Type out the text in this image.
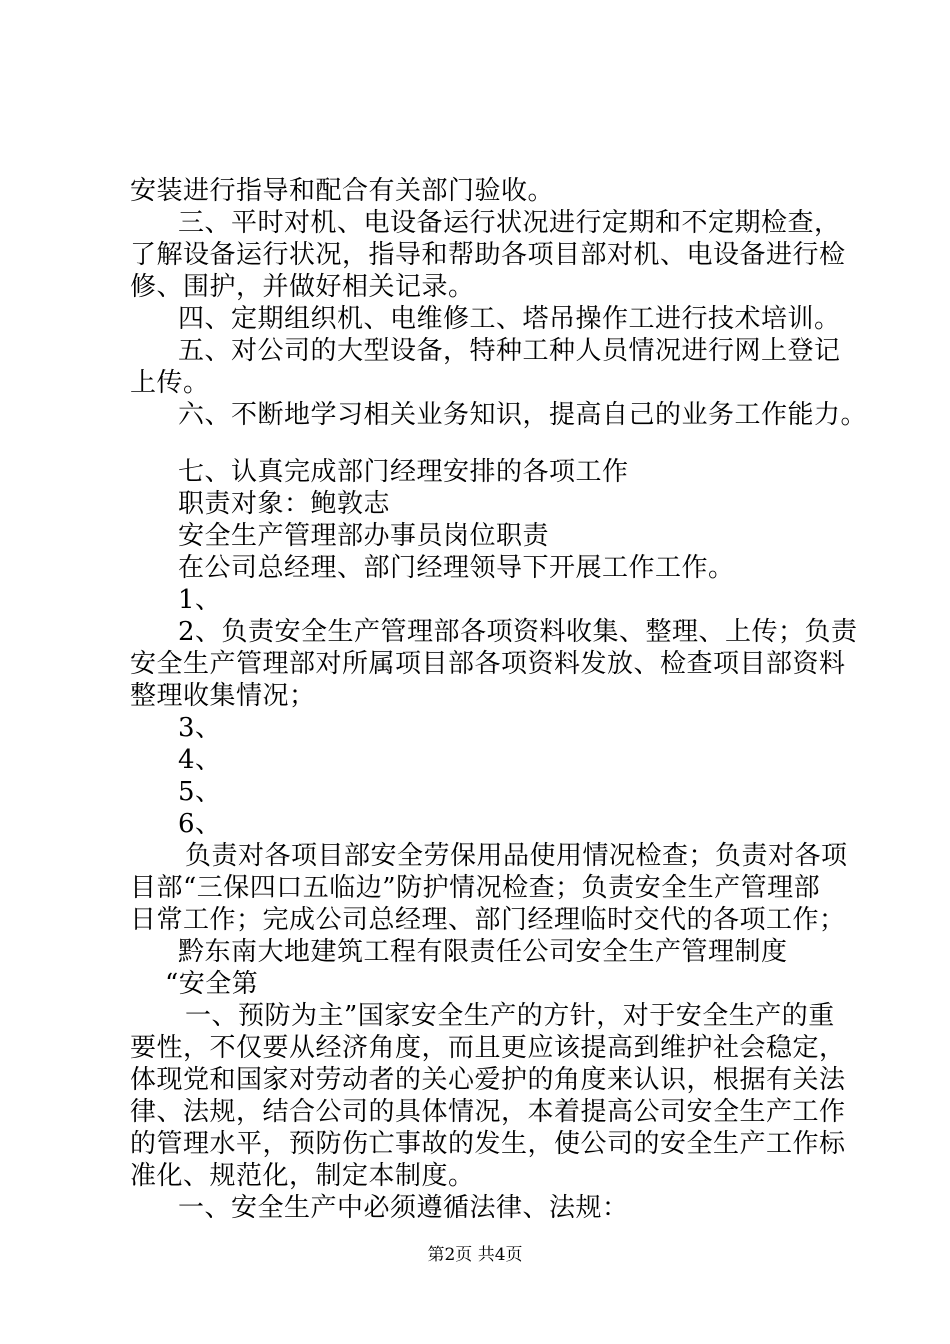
安装进行指导和配合有关部门验收。
三、平时对机、电设备运行状况进行定期和不定期检查，
了解设备运行状况，指导和帮助各项目部对机、电设备进行检
修、围护，并做好相关记录。
四、定期组织机、电维修工、塔吊操作工进行技术培训。
五、对公司的大型设备，特种工种人员情况进行网上登记
上传。
六、不断地学习相关业务知识，提高自己的业务工作能力。
七、认真完成部门经理安排的各项工作
职责对象：鲍敦志
安全生产管理部办事员岗位职责
在公司总经理、部门经理领导下开展工作工作。
1、
2、负责安全生产管理部各项资料收集、整理、上传；负责
安全生产管理部对所属项目部各项资料发放、检查项目部资料
整理收集情况；
3、
4、
5、
6、
负责对各项目部安全劳保用品使用情况检查；负责对各项
目部“三保四口五临边”防护情况检查；负责安全生产管理部
日常工作；完成公司总经理、部门经理临时交代的各项工作；
黔东南大地建筑工程有限责任公司安全生产管理制度
“安全第
一、预防为主”国家安全生产的方针，对于安全生产的重
要性，不仅要从经济角度，而且更应该提高到维护社会稳定，
体现党和国家对劳动者的关心爱护的角度来认识，根据有关法
律、法规，结合公司的具体情况，本着提高公司安全生产工作
的管理水平，预防伤亡事故的发生，使公司的安全生产工作标
准化、规范化，制定本制度。
一、安全生产中必须遵循法律、法规：
第2页 共4页
